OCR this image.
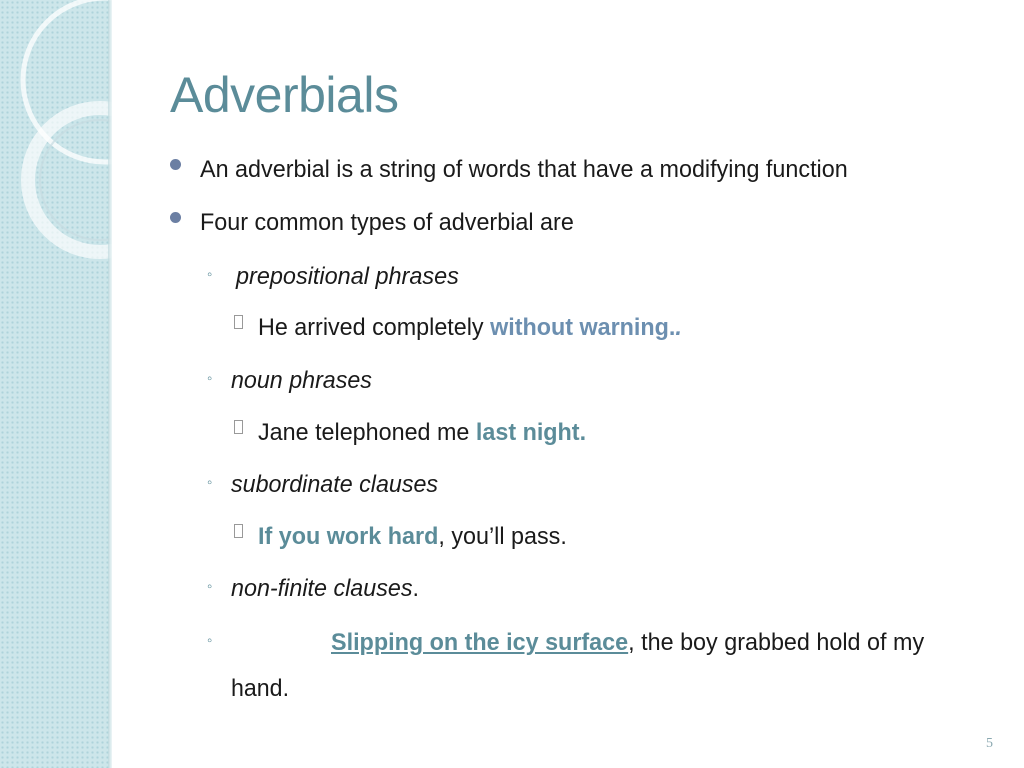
Adverbials
An adverbial is a string of words that have a modifying function
Four common types of adverbial are
◦ prepositional phrases
He arrived completely without warning..
◦ noun phrases
Jane telephoned me last night.
◦ subordinate clauses
If you work hard, you’ll pass.
◦ non-finite clauses.
◦	Slipping on the icy surface, the boy grabbed hold of my
hand.
5
